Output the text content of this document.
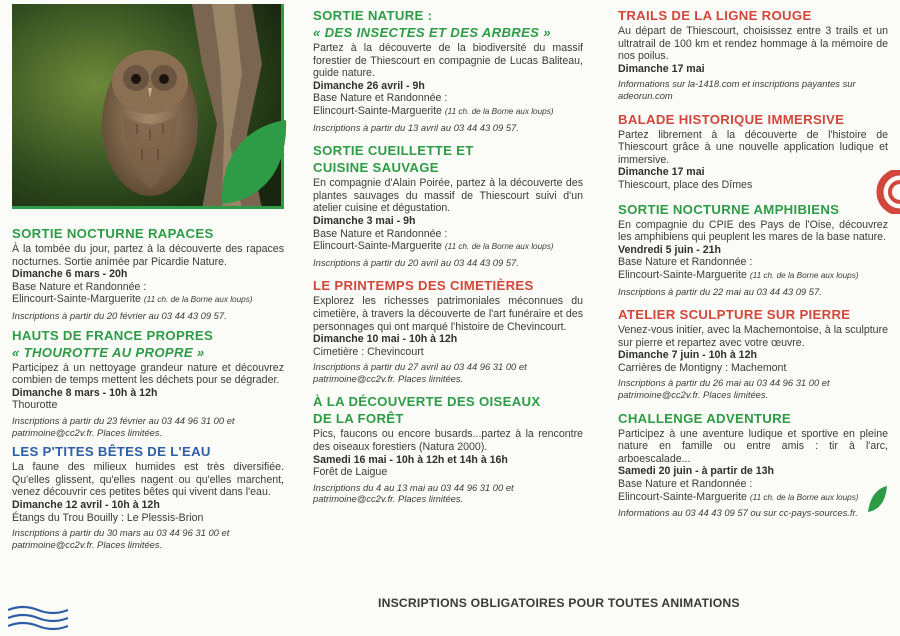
SORTIE NOCTURNE RAPACES
À la tombée du jour, partez à la découverte des rapaces nocturnes. Sortie animée par Picardie Nature.
Dimanche 6 mars - 20h
Base Nature et Randonnée :
Elincourt-Sainte-Marguerite (11 ch. de la Borne aux loups)
Inscriptions à partir du 20 février au 03 44 43 09 57.
HAUTS DE FRANCE PROPRES
« THOUROTTE AU PROPRE »
Participez à un nettoyage grandeur nature et découvrez combien de temps mettent les déchets pour se dégrader.
Dimanche 8 mars - 10h à 12h
Thourotte
Inscriptions à partir du 23 février au 03 44 96 31 00 et patrimoine@cc2v.fr. Places limitées.
LES P'TITES BÊTES DE L'EAU
La faune des milieux humides est très diversifiée. Qu'elles glissent, qu'elles nagent ou qu'elles marchent, venez découvrir ces petites bêtes qui vivent dans l'eau.
Dimanche 12 avril - 10h à 12h
Étangs du Trou Bouilly : Le Plessis-Brion
Inscriptions à partir du 30 mars au 03 44 96 31 00 et patrimoine@cc2v.fr. Places limitées.
SORTIE NATURE :
« DES INSECTES ET DES ARBRES »
Partez à la découverte de la biodiversité du massif forestier de Thiescourt en compagnie de Lucas Baliteau, guide nature.
Dimanche 26 avril - 9h
Base Nature et Randonnée :
Elincourt-Sainte-Marguerite (11 ch. de la Borne aux loups)
Inscriptions à partir du 13 avril au 03 44 43 09 57.
SORTIE CUEILLETTE ET
CUISINE SAUVAGE
En compagnie d'Alain Poirée, partez à la découverte des plantes sauvages du massif de Thiescourt suivi d'un atelier cuisine et dégustation.
Dimanche 3 mai - 9h
Base Nature et Randonnée :
Elincourt-Sainte-Marguerite (11 ch. de la Borne aux loups)
Inscriptions à partir du 20 avril au 03 44 43 09 57.
LE PRINTEMPS DES CIMETIÈRES
Explorez les richesses patrimoniales méconnues du cimetière, à travers la découverte de l'art funéraire et des personnages qui ont marqué l'histoire de Chevincourt.
Dimanche 10 mai - 10h à 12h
Cimetière : Chevincourt
Inscriptions à partir du 27 avril au 03 44 96 31 00 et patrimoine@cc2v.fr. Places limitées.
À LA DÉCOUVERTE DES OISEAUX
DE LA FORÊT
Pics, faucons ou encore busards...partez à la rencontre des oiseaux forestiers (Natura 2000).
Samedi 16 mai - 10h à 12h et 14h à 16h
Forêt de Laigue
Inscriptions du 4 au 13 mai au 03 44 96 31 00 et patrimoine@cc2v.fr. Places limitées.
TRAILS DE LA LIGNE ROUGE
Au départ de Thiescourt, choisissez entre 3 trails et un ultratrail de 100 km et rendez hommage à la mémoire de nos poilus.
Dimanche 17 mai
Informations sur la-1418.com et inscriptions payantes sur adeorun.com
BALADE HISTORIQUE IMMERSIVE
Partez librement à la découverte de l'histoire de Thiescourt grâce à une nouvelle application ludique et immersive.
Dimanche 17 mai
Thiescourt, place des Dîmes
SORTIE NOCTURNE AMPHIBIENS
En compagnie du CPIE des Pays de l'Oise, découvrez les amphibiens qui peuplent les mares de la base nature.
Vendredi 5 juin - 21h
Base Nature et Randonnée :
Elincourt-Sainte-Marguerite (11 ch. de la Borne aux loups)
Inscriptions à partir du 22 mai au 03 44 43 09 57.
ATELIER SCULPTURE SUR PIERRE
Venez-vous initier, avec la Machemontoise, à la sculpture sur pierre et repartez avec votre œuvre.
Dimanche 7 juin - 10h à 12h
Carrières de Montigny : Machemont
Inscriptions à partir du 26 mai au 03 44 96 31 00 et patrimoine@cc2v.fr. Places limitées.
CHALLENGE ADVENTURE
Participez à une aventure ludique et sportive en pleine nature en famille ou entre amis : tir à l'arc, arboescalade...
Samedi 20 juin - à partir de 13h
Base Nature et Randonnée :
Elincourt-Sainte-Marguerite (11 ch. de la Borne aux loups)
Informations au 03 44 43 09 57 ou sur cc-pays-sources.fr.
INSCRIPTIONS OBLIGATOIRES POUR TOUTES ANIMATIONS
